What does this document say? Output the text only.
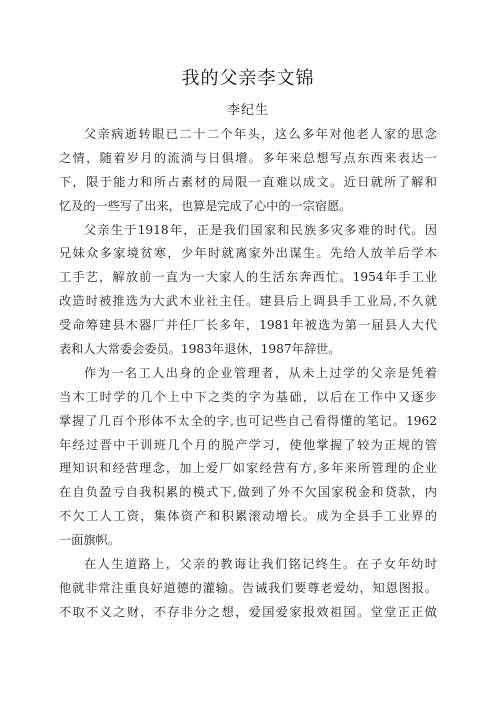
我的父亲李文锦
李纪生
父亲病逝转眼已二十二个年头，这么多年对他老人家的思念
之情，随着岁月的流淌与日俱增。多年来总想写点东西来表达一
下，限于能力和所占素材的局限一直难以成文。近日就所了解和
忆及的一些写了出来，也算是完成了心中的一宗宿愿。
父亲生于1918年，正是我们国家和民族多灾多难的时代。因
兄妹众多家境贫寒，少年时就离家外出谋生。先给人放羊后学木
工手艺，解放前一直为一大家人的生活东奔西忙。1954年手工业
改造时被推选为大武木业社主任。建县后上调县手工业局,不久就
受命筹建县木器厂并任厂长多年，1981年被选为第一届县人大代
表和人大常委会委员。1983年退休，1987年辞世。
作为一名工人出身的企业管理者，从未上过学的父亲是凭着
当木工时学的几个上中下之类的字为基础，以后在工作中又逐步
掌握了几百个形体不太全的字,也可记些自己看得懂的笔记。1962
年经过晋中干训班几个月的脱产学习，使他掌握了较为正规的管
理知识和经营理念，加上爱厂如家经营有方,多年来所管理的企业
在自负盈亏自我积累的模式下,做到了外不欠国家税金和贷款，内
不欠工人工资，集体资产和积累滚动增长。成为全县手工业界的
一面旗帜。
在人生道路上，父亲的教诲让我们铭记终生。在子女年幼时
他就非常注重良好道德的灌输。告诫我们要尊老爱幼，知恩图报。
不取不义之财，不存非分之想，爱国爱家报效祖国。堂堂正正做
